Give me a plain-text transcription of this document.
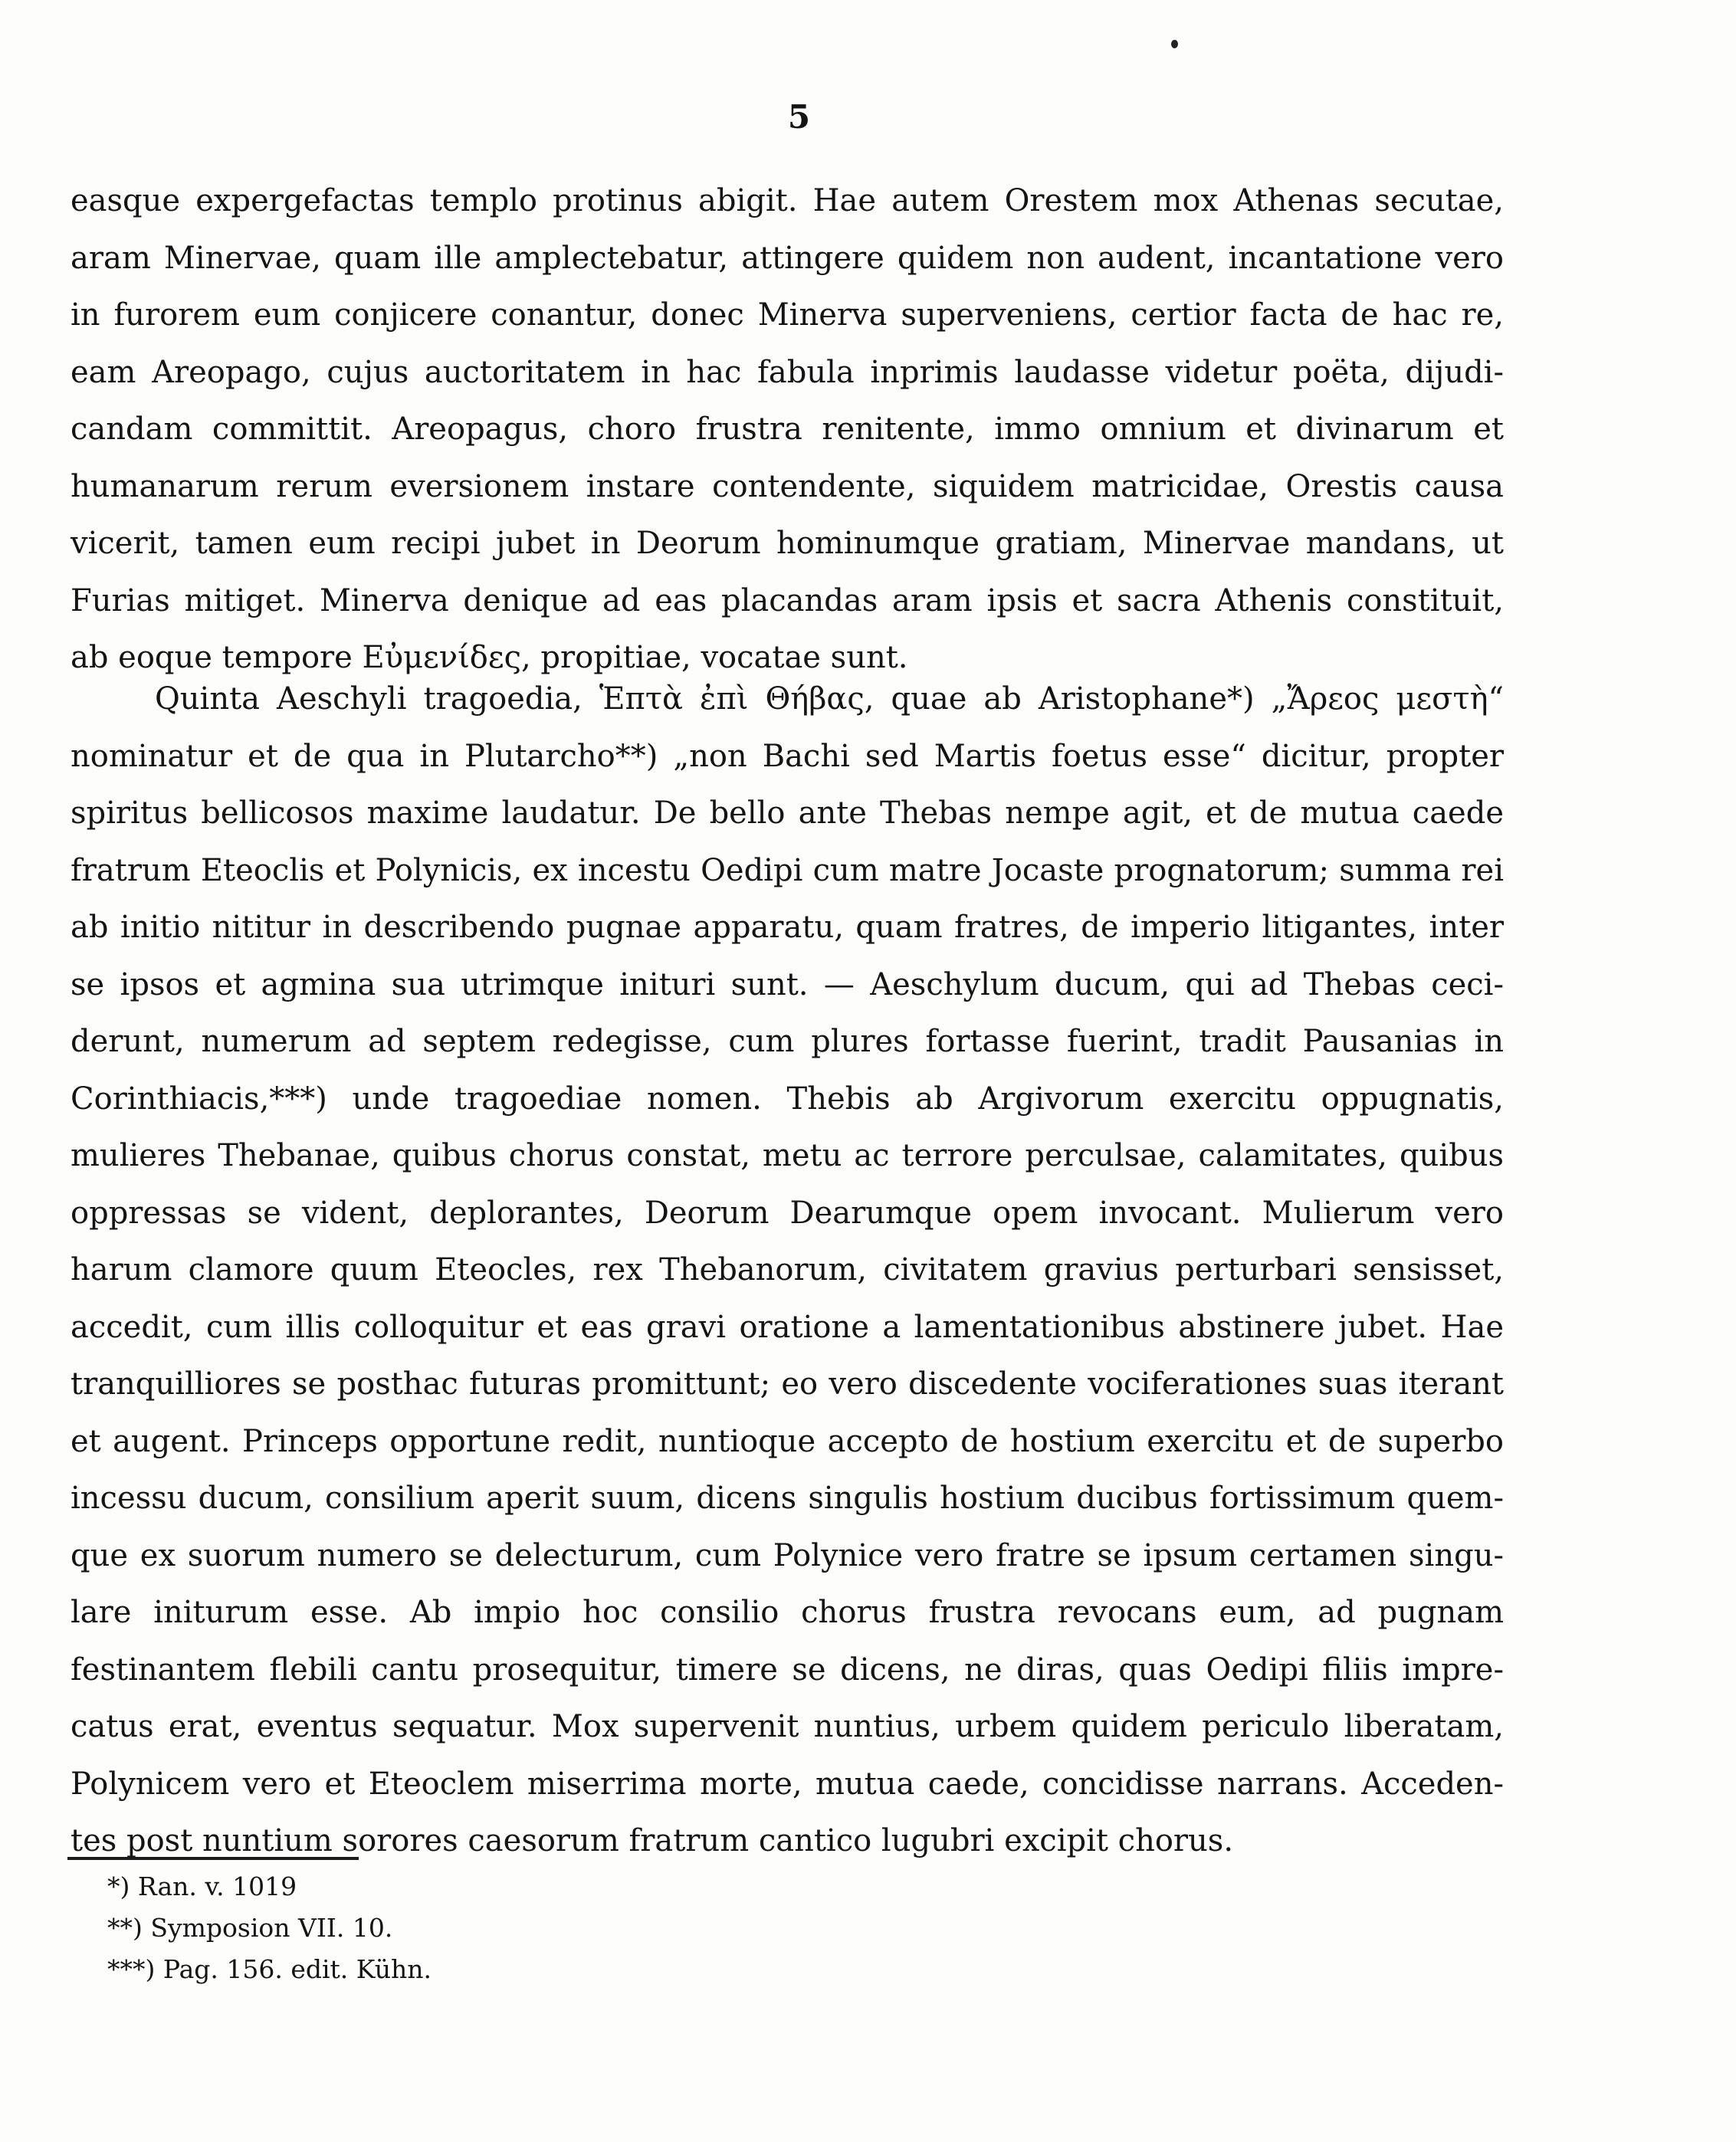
5
easque expergefactas templo protinus abigit. Hae autem Orestem mox Athenas secutae,
aram Minervae, quam ille amplectebatur, attingere quidem non audent, incantatione vero
in furorem eum conjicere conantur, donec Minerva superveniens, certior facta de hac re,
eam Areopago, cujus auctoritatem in hac fabula inprimis laudasse videtur poëta, dijudi-
candam committit. Areopagus, choro frustra renitente, immo omnium et divinarum et
humanarum rerum eversionem instare contendente, siquidem matricidae, Orestis causa
vicerit, tamen eum recipi jubet in Deorum hominumque gratiam, Minervae mandans, ut
Furias mitiget. Minerva denique ad eas placandas aram ipsis et sacra Athenis constituit,
ab eoque tempore Εὐμενίδες, propitiae, vocatae sunt.
Quinta Aeschyli tragoedia, Ἑπτὰ ἐπὶ Θήβας, quae ab Aristophane*) „Ἄρεος μεστὴ“
nominatur et de qua in Plutarcho**) „non Bachi sed Martis foetus esse“ dicitur, propter
spiritus bellicosos maxime laudatur. De bello ante Thebas nempe agit, et de mutua caede
fratrum Eteoclis et Polynicis, ex incestu Oedipi cum matre Jocaste prognatorum; summa rei
ab initio nititur in describendo pugnae apparatu, quam fratres, de imperio litigantes, inter
se ipsos et agmina sua utrimque inituri sunt. — Aeschylum ducum, qui ad Thebas ceci-
derunt, numerum ad septem redegisse, cum plures fortasse fuerint, tradit Pausanias in
Corinthiacis,***) unde tragoediae nomen. Thebis ab Argivorum exercitu oppugnatis,
mulieres Thebanae, quibus chorus constat, metu ac terrore perculsae, calamitates, quibus
oppressas se vident, deplorantes, Deorum Dearumque opem invocant. Mulierum vero
harum clamore quum Eteocles, rex Thebanorum, civitatem gravius perturbari sensisset,
accedit, cum illis colloquitur et eas gravi oratione a lamentationibus abstinere jubet. Hae
tranquilliores se posthac futuras promittunt; eo vero discedente vociferationes suas iterant
et augent. Princeps opportune redit, nuntioque accepto de hostium exercitu et de superbo
incessu ducum, consilium aperit suum, dicens singulis hostium ducibus fortissimum quem-
que ex suorum numero se delecturum, cum Polynice vero fratre se ipsum certamen singu-
lare initurum esse. Ab impio hoc consilio chorus frustra revocans eum, ad pugnam
festinantem flebili cantu prosequitur, timere se dicens, ne diras, quas Oedipi filiis impre-
catus erat, eventus sequatur. Mox supervenit nuntius, urbem quidem periculo liberatam,
Polynicem vero et Eteoclem miserrima morte, mutua caede, concidisse narrans. Acceden-
tes post nuntium sorores caesorum fratrum cantico lugubri excipit chorus.
*) Ran. v. 1019
**) Symposion VII. 10.
***) Pag. 156. edit. Kühn.
